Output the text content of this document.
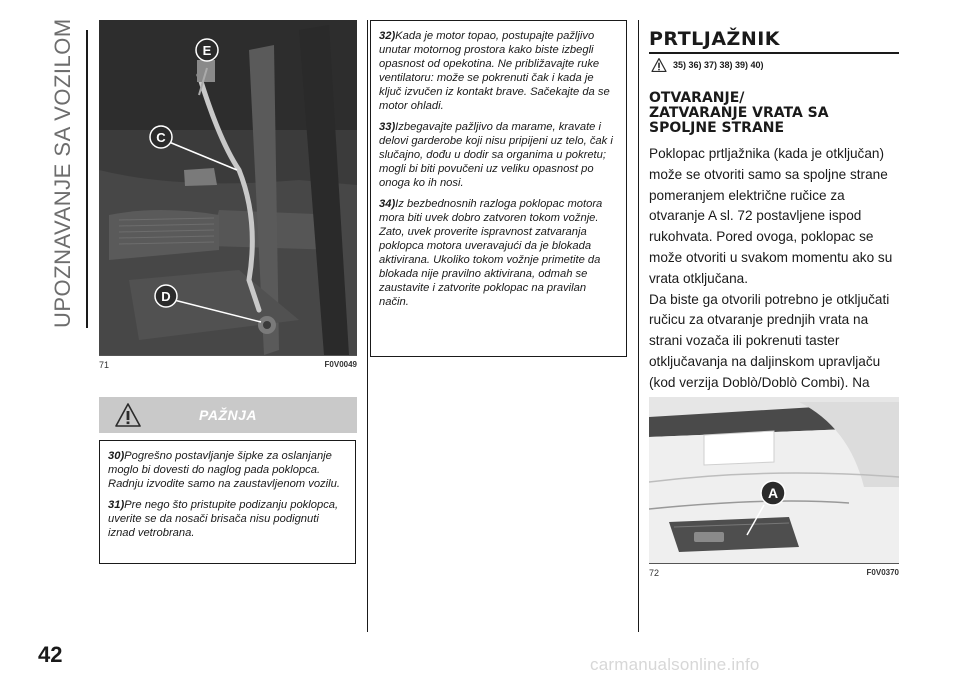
UPOZNAVANJE SA VOZILOM
42
E
C
D
71	F0V0049
PAŽNJA

30)Pogrešno postavljanje šipke za oslanjanje moglo bi dovesti do naglog pada poklopca. Radnju izvodite samo na zaustavljenom vozilu.

31)Pre nego što pristupite podizanju poklopca, uverite se da nosači brisača nisu podignuti iznad vetrobrana.

32)Kada je motor topao, postupajte pažljivo unutar motornog prostora kako biste izbegli opasnost od opekotina. Ne približavajte ruke ventilatoru: može se pokrenuti čak i kada je ključ izvučen iz kontakt brave. Sačekajte da se motor ohladi.

33)Izbegavajte pažljivo da marame, kravate i delovi garderobe koji nisu pripijeni uz telo, čak i slučajno, dođu u dodir sa organima u pokretu; mogli bi biti povučeni uz veliku opasnost po onoga ko ih nosi.

34)Iz bezbednosnih razloga poklopac motora mora biti uvek dobro zatvoren tokom vožnje. Zato, uvek proverite ispravnost zatvaranja poklopca motora uveravajući da je blokada aktivirana. Ukoliko tokom vožnje primetite da blokada nije pravilno aktivirana, odmah se zaustavite i zatvorite poklopac na pravilan način.

PRTLJAŽNIK
35) 36) 37) 38) 39) 40)
OTVARANJE/
ZATVARANJE VRATA SA
SPOLJNE STRANE

Poklopac prtljažnika (kada je otključan) može se otvoriti samo sa spoljne strane pomeranjem električne ručice za otvaranje A sl. 72 postavljene ispod rukohvata. Pored ovoga, poklopac se može otvoriti u svakom momentu ako su vrata otključana.

Da biste ga otvorili potrebno je otključati ručicu za otvaranje prednjih vrata na strani vozača ili pokrenuti taster otključavanja na daljinskom upravljaču (kod verzija Doblò/Doblò Combi). Na

A
72	F0V0370
carmanualsonline.info
